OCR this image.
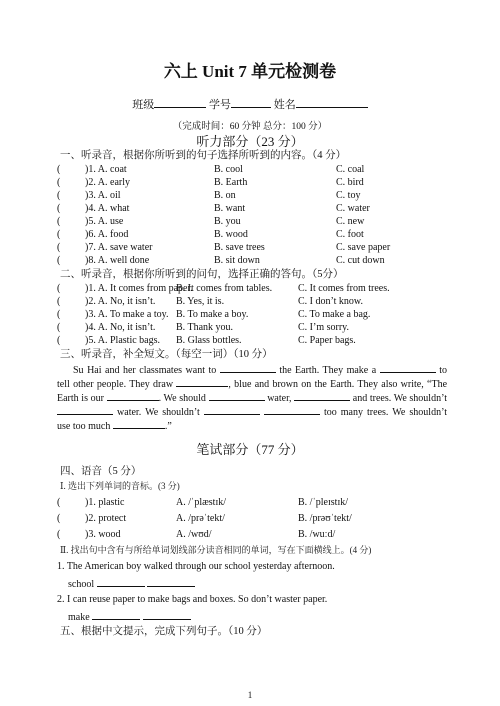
六上 Unit 7 单元检测卷
班级	学号	姓名
（完成时间：60 分钟 总分：100 分）
听力部分（23 分）
一、听录音，根据你所听到的句子选择所听到的内容。（4 分）
( )1. A. coat	B. cool	C. coal
( )2. A. early	B. Earth	C. bird
( )3. A. oil	B. on	C. toy
( )4. A. what	B. want	C. water
( )5. A. use	B. you	C. new
( )6. A. food	B. wood	C. foot
( )7. A. save water	B. save trees	C. save paper
( )8. A. well done	B. sit down	C. cut down
二、听录音，根据你所听到的问句，选择正确的答句。（5分）
( )1. A. It comes from paper.
B. It comes from tables.	C. It comes from trees.
( )2. A. No, it isn’t. B. Yes, it is.	C. I don’t know.
( )3. A. To make a toy. B. To make a boy.	C. To make a bag.
( )4. A. No, it isn’t. B. Thank you.	C. I’m sorry.
( )5. A. Plastic bags. B. Glass bottles.	C. Paper bags.
三、听录音，补全短文。（每空一词）（10 分）
Su Hai and her classmates want to	the Earth. They make a	to tell other people. They draw	, blue and brown on the Earth. They also write, “The Earth is our	. We should	water,	and trees. We shouldn’t  water. We shouldn’t	too many trees. We shouldn’t use too much	.”
笔试部分（77 分）
四、语音（5 分）
Ⅰ. 选出下列单词的音标。(3 分)
( )1. plastic	A. /ˈplæstɪk/	B. /ˈpleɪstɪk/
( )2. protect	A. /prəˈtekt/	B. /prəʊˈtekt/
( )3. wood	A. /wʊd/	B. /wuːd/
Ⅱ. 找出句中含有与所给单词划线部分读音相同的单词，写在下面横线上。(4 分)
1. The American boy walked through our school yesterday afternoon.
school
2. I can reuse paper to make bags and boxes. So don’t waster paper.
make
五、根据中文提示，完成下列句子。（10 分）
1
